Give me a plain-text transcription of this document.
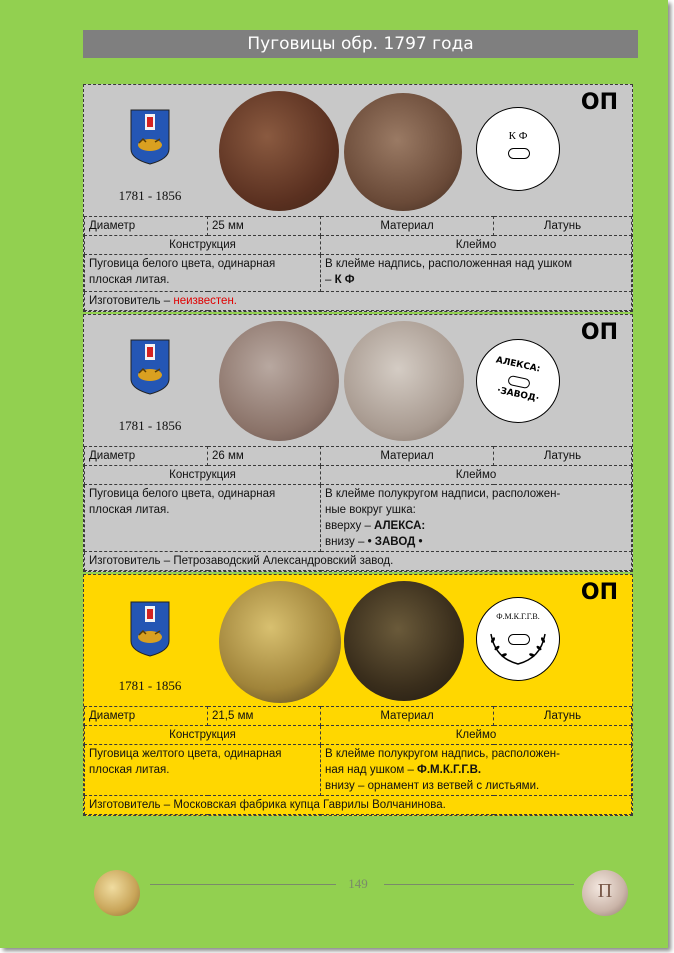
Пуговицы обр. 1797 года
1781 - 1856
К Ф
ОП
Диаметр	25 мм	Материал	Латунь
Конструкция		Клеймо	
Пуговица белого цвета, одинарная плоская литая.		В клейме надпись, расположенная над ушком
– К Ф	
Изготовитель – неизвестен.			
1781 - 1856
АЛЕКСА:
·ЗАВОД·
ОП
Диаметр	26 мм	Материал	Латунь
Конструкция		Клеймо	
Пуговица белого цвета, одинарная плоская литая.		В клейме полукругом надписи, расположен-
ные вокруг ушка:
вверху – АЛЕКСА:
внизу – • ЗАВОД •	
Изготовитель – Петрозаводский Александровский завод.			
1781 - 1856
Ф.М.К.Г.Г.В.
ОП
Диаметр	21,5 мм	Материал	Латунь
Конструкция		Клеймо	
Пуговица желтого цвета, одинарная плоская литая.		В клейме полукругом надпись, расположен-
ная над ушком – Ф.М.К.Г.Г.В.
внизу – орнамент из ветвей с листьями.	
Изготовитель – Московская фабрика купца Гаврилы Волчанинова.			
149	П
